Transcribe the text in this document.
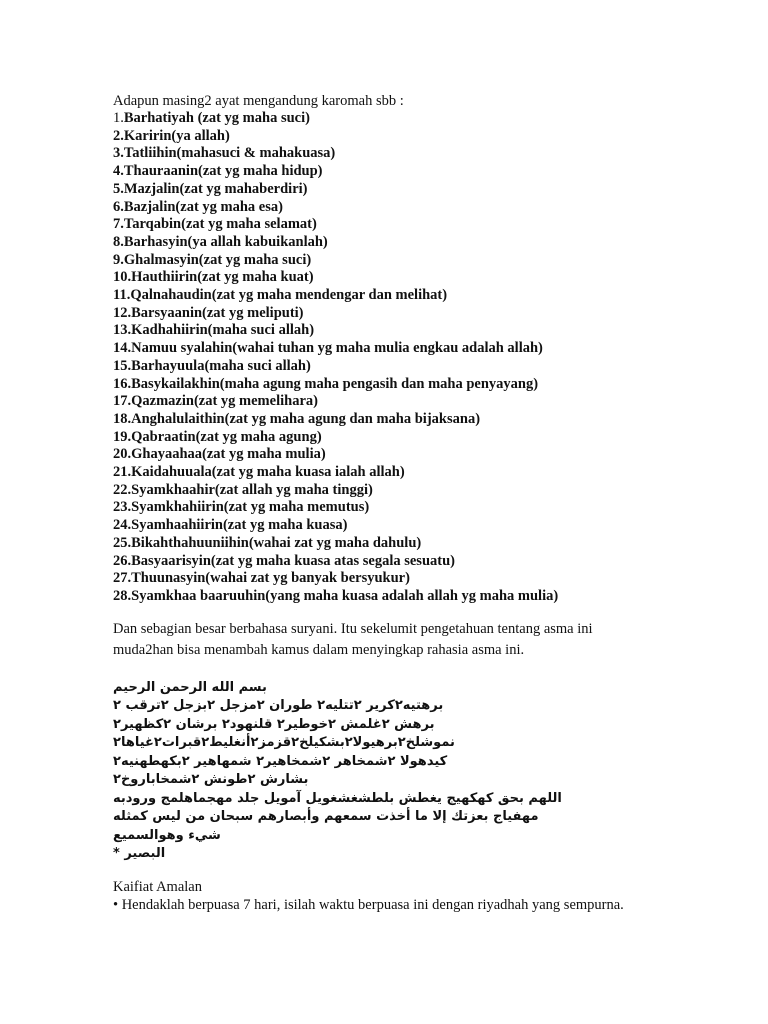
Adapun masing2 ayat mengandung karomah sbb :

1.Barhatiyah (zat yg maha suci)
2.Karirin(ya allah)
3.Tatliihin(mahasuci & mahakuasa)
4.Thauraanin(zat yg maha hidup)
5.Mazjalin(zat yg mahaberdiri)
6.Bazjalin(zat yg maha esa)
7.Tarqabin(zat yg maha selamat)
8.Barhasyin(ya allah kabuikanlah)
9.Ghalmasyin(zat yg maha suci)
10.Hauthiirin(zat yg maha kuat)
11.Qalnahaudin(zat yg maha mendengar dan melihat)
12.Barsyaanin(zat yg meliputi)
13.Kadhahiirin(maha suci allah)
14.Namuu syalahin(wahai tuhan yg maha mulia engkau adalah allah)
15.Barhayuula(maha suci allah)
16.Basykailakhin(maha agung maha pengasih dan maha penyayang)
17.Qazmazin(zat yg memelihara)
18.Anghalulaithin(zat yg maha agung dan maha bijaksana)
19.Qabraatin(zat yg maha agung)
20.Ghayaahaa(zat yg maha mulia)
21.Kaidahuuala(zat yg maha kuasa ialah allah)
22.Syamkhaahir(zat allah yg maha tinggi)
23.Syamkhahiirin(zat yg maha memutus)
24.Syamhaahiirin(zat yg maha kuasa)
25.Bikahthahuuniihin(wahai zat yg maha dahulu)
26.Basyaarisyin(zat yg maha kuasa atas segala sesuatu)
27.Thuunasyin(wahai zat yg banyak bersyukur)
28.Syamkhaa baaruuhin(yang maha kuasa adalah allah yg maha mulia)

Dan sebagian besar berbahasa suryani. Itu sekelumit pengetahuan tentang asma ini muda2han bisa menambah kamus dalam menyingkap rahasia asma ini.

بسم الله الرحمن الرحيم
برهتيه٢كرير ٢تتليه٢ طوران ٢مزجل ٢بزجل ٢ترقب ٢
برهش ٢غلمش ٢خوطير٢ قلنهود٢ برشان ٢كظهير٢
نموشلخ٢برهيولا٢بشكيلخ٢قزمز٢أنغليط٢قبرات٢غياها٢
كيدهولا ٢شمخاهر ٢شمخاهير٢ شمهاهير ٢بكهطهنيه٢
بشارش ٢طونش ٢شمخاباروخ٢
اللهم بحق كهكهيج يغطش بلطشغشغويل آمويل جلد مهجماهلمج ورودبه مهفياج بعزتك إلا ما أخذت سمعهم وأبصارهم سبحان من ليس كمثله
شيء وهوالسميع
البصير *
Kaifiat Amalan
• Hendaklah berpuasa 7 hari, isilah waktu berpuasa ini dengan riyadhah yang sempurna.
